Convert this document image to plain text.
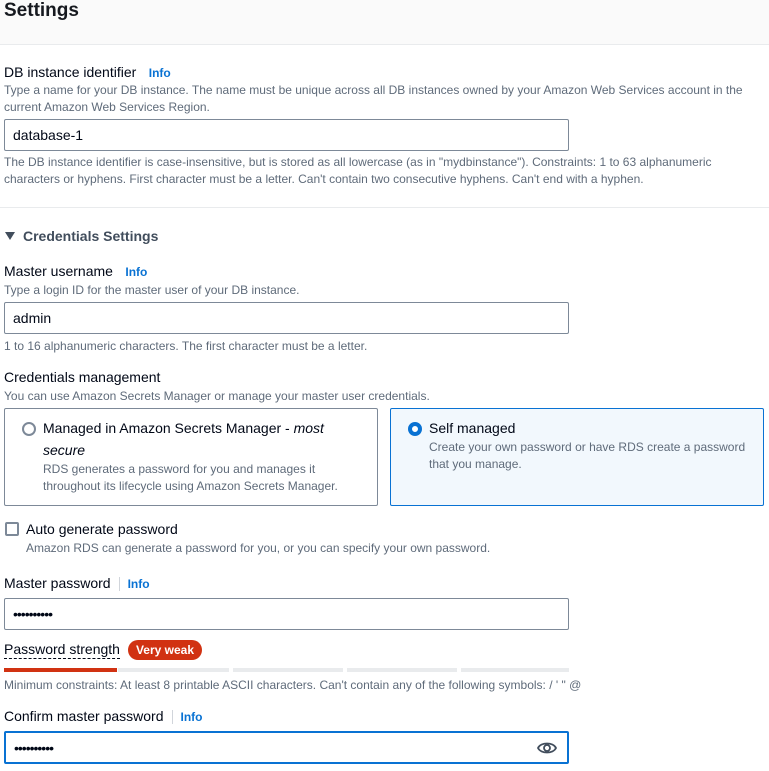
Settings
DB instance identifier Info
Type a name for your DB instance. The name must be unique across all DB instances owned by your Amazon Web Services account in the current Amazon Web Services Region.
database-1
The DB instance identifier is case-insensitive, but is stored as all lowercase (as in "mydbinstance"). Constraints: 1 to 63 alphanumeric characters or hyphens. First character must be a letter. Can't contain two consecutive hyphens. Can't end with a hyphen.
Credentials Settings
Master username Info
Type a login ID for the master user of your DB instance.
admin
1 to 16 alphanumeric characters. The first character must be a letter.
Credentials management
You can use Amazon Secrets Manager or manage your master user credentials.
Managed in Amazon Secrets Manager - most secure
RDS generates a password for you and manages it throughout its lifecycle using Amazon Secrets Manager.
Self managed
Create your own password or have RDS create a password that you manage.
Auto generate password
Amazon RDS can generate a password for you, or you can specify your own password.
Master password Info
••••••••••
Password strength	Very weak
Minimum constraints: At least 8 printable ASCII characters. Can't contain any of the following symbols: / ' " @
Confirm master password Info
••••••••••
